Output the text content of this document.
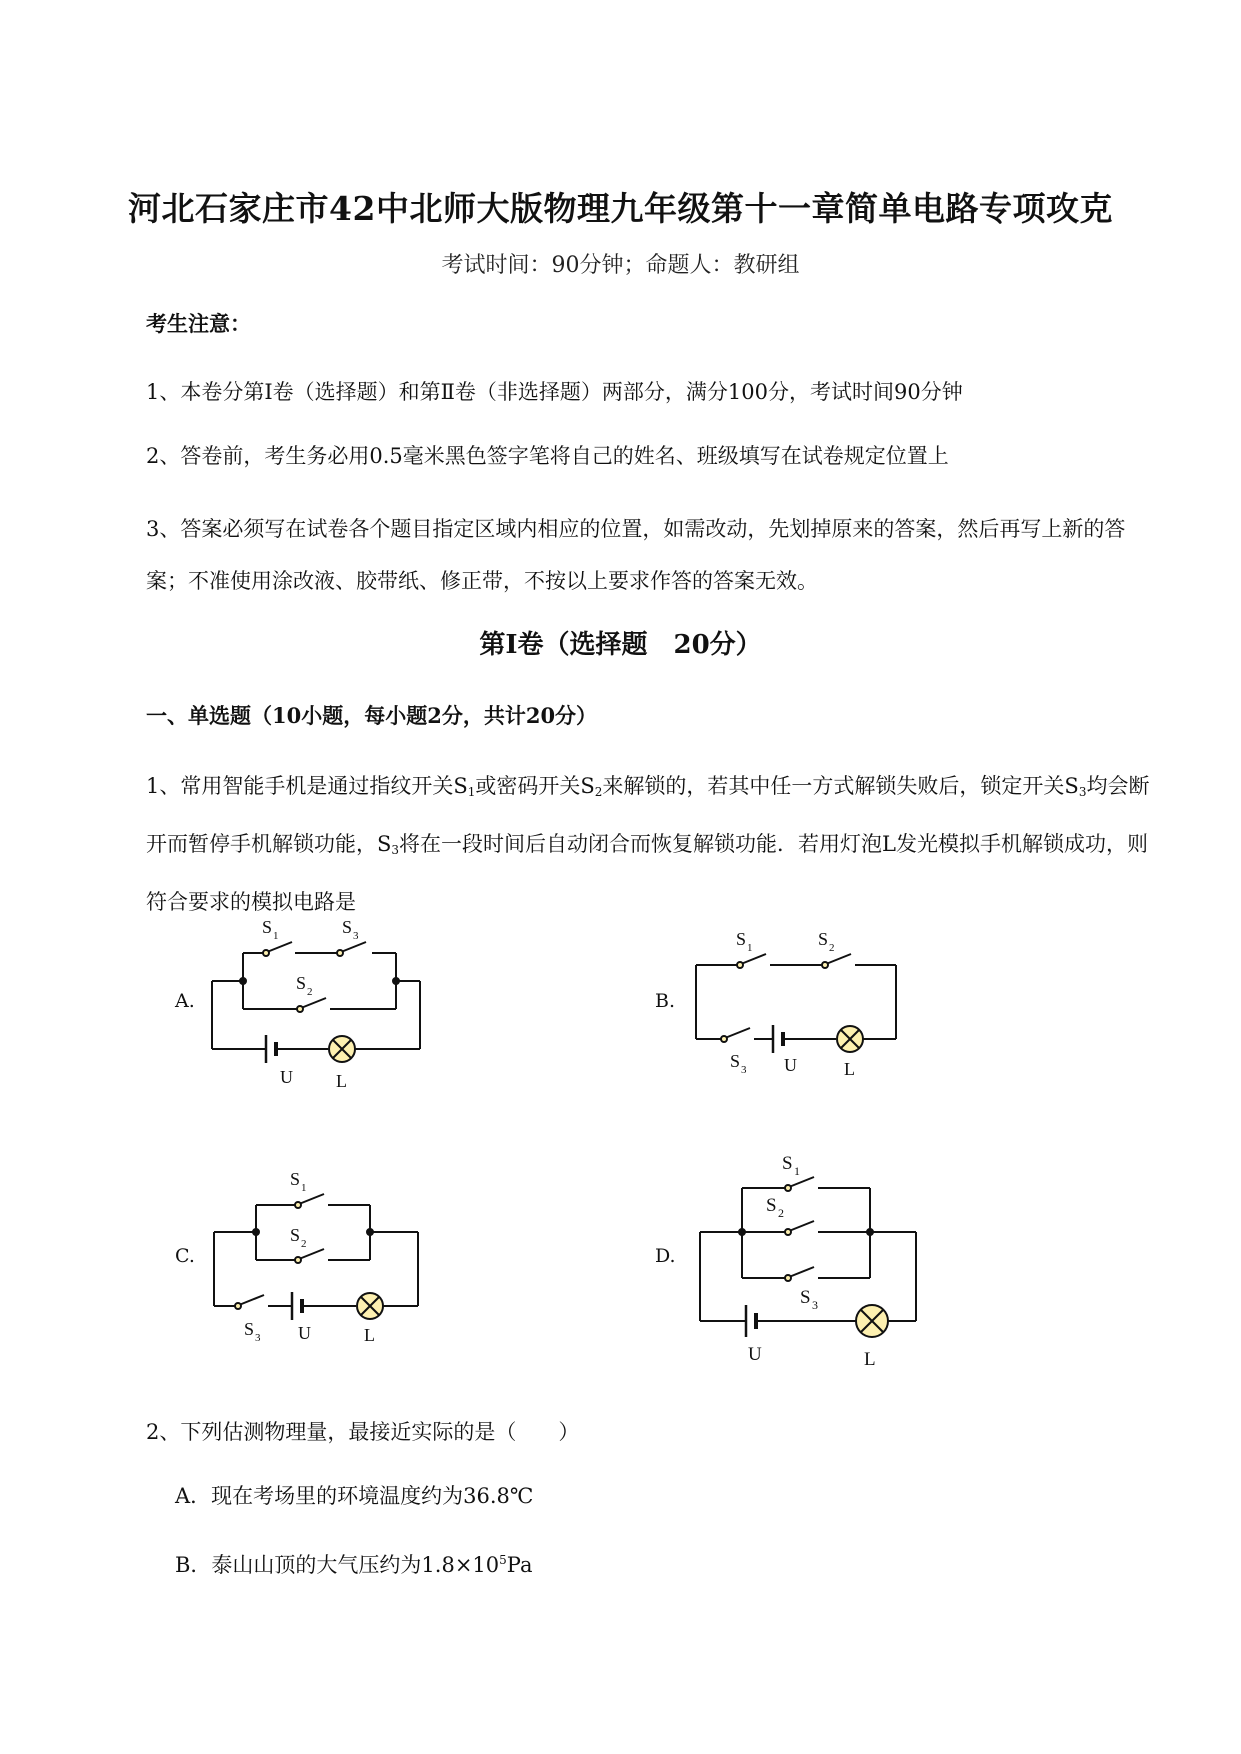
河北石家庄市42中北师大版物理九年级第十一章简单电路专项攻克
考试时间：90分钟；命题人：教研组
考生注意：
1、本卷分第I卷（选择题）和第Ⅱ卷（非选择题）两部分，满分100分，考试时间90分钟
2、答卷前，考生务必用0.5毫米黑色签字笔将自己的姓名、班级填写在试卷规定位置上
3、答案必须写在试卷各个题目指定区域内相应的位置，如需改动，先划掉原来的答案，然后再写上新的答案；不准使用涂改液、胶带纸、修正带，不按以上要求作答的答案无效。
第I卷（选择题　20分）
一、单选题（10小题，每小题2分，共计20分）
1、常用智能手机是通过指纹开关$S_1$或密码开关$S_2$来解锁的，若其中任一方式解锁失败后，锁定开关$S_3$均会断开而暂停手机解锁功能，$S_3$将在一段时间后自动闭合而恢复解锁功能．若用灯泡L发光模拟手机解锁成功，则符合要求的模拟电路是
A.
S 1	S 3
S 2
U L
B.
S 1	S 2
S 3 U	L
C.
S 1
S 2
S 3 U	L
D.
S 1
S 2
S 3
U	L
2、下列估测物理量，最接近实际的是（　　）
A．现在考场里的环境温度约为36.8℃
B．泰山山顶的大气压约为$1.8\times 10^5Pa$
